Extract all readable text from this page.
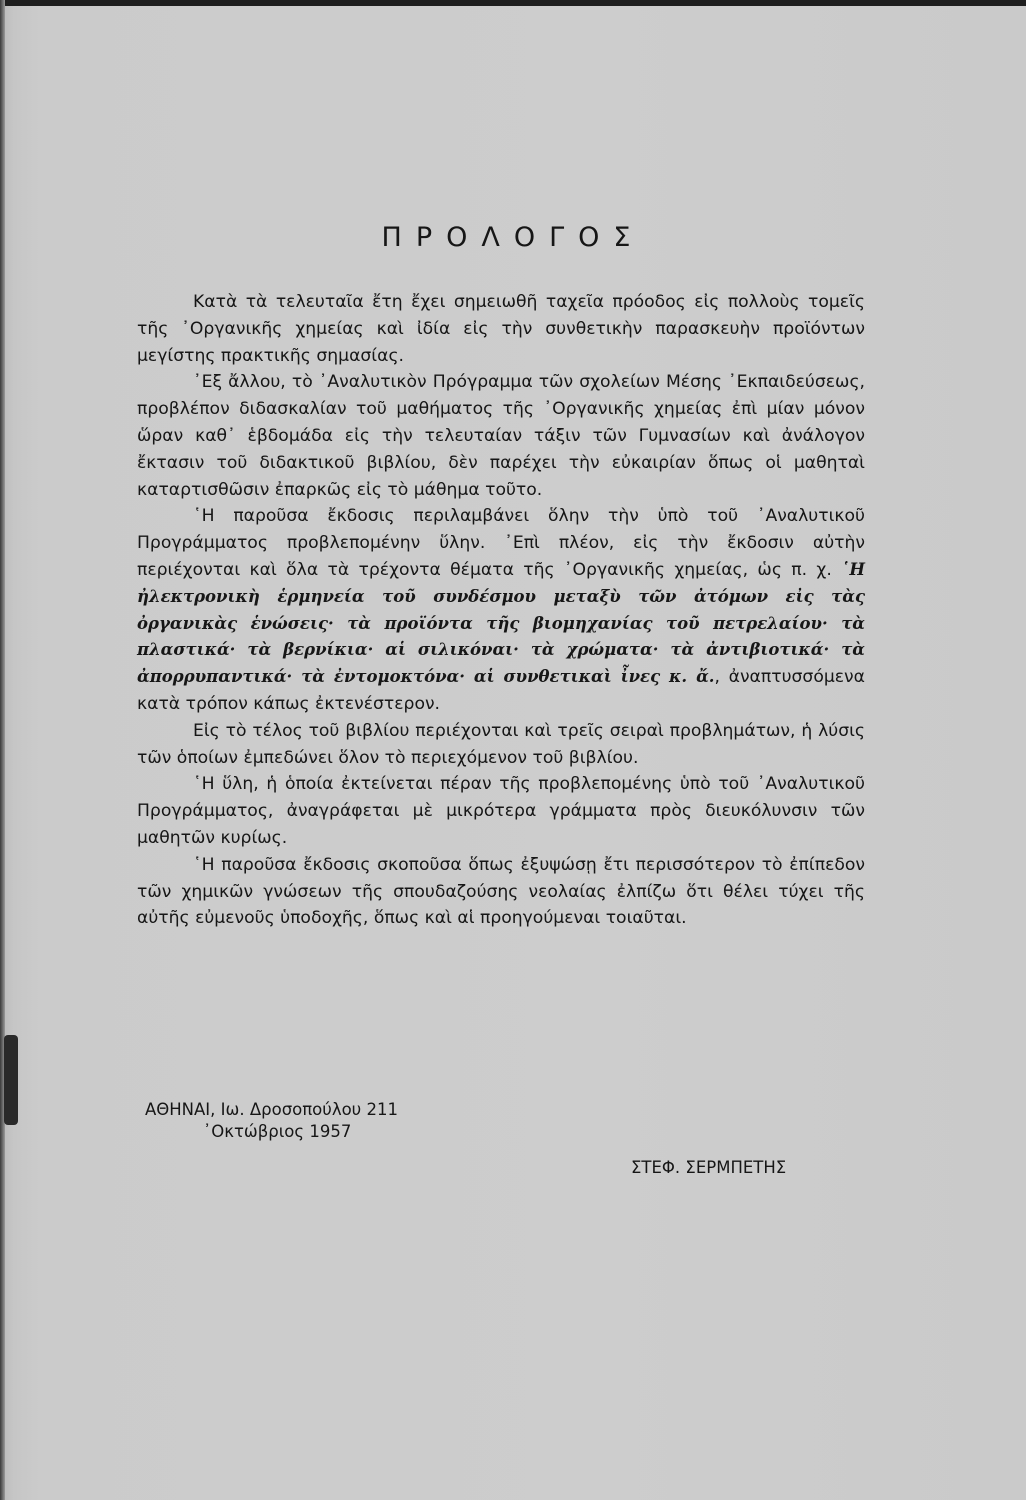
ΠΡΟΛΟΓΟΣ

Κατὰ τὰ τελευταῖα ἔτη ἔχει σημειωθῆ ταχεῖα πρόοδος εἰς πολλοὺς τομεῖς τῆς ᾿Οργανικῆς χημείας καὶ ἰδία εἰς τὴν συνθετικὴν παρασκευὴν προϊόντων μεγίστης πρακτικῆς σημασίας.

᾿Εξ ἄλλου, τὸ ᾿Αναλυτικὸν Πρόγραμμα τῶν σχολείων Μέσης ᾿Εκπαιδεύσεως, προβλέπον διδασκαλίαν τοῦ μαθήματος τῆς ᾿Οργανικῆς χημείας ἐπὶ μίαν μόνον ὥραν καθ᾿ ἑβδομάδα εἰς τὴν τελευταίαν τάξιν τῶν Γυμνασίων καὶ ἀνάλογον ἔκτασιν τοῦ διδακτικοῦ βιβλίου, δὲν παρέχει τὴν εὐκαιρίαν ὅπως οἱ μαθηταὶ καταρτισθῶσιν ἐπαρκῶς εἰς τὸ μάθημα τοῦτο.

῾Η παροῦσα ἔκδοσις περιλαμβάνει ὅλην τὴν ὑπὸ τοῦ ᾿Αναλυτικοῦ Προγράμματος προβλεπομένην ὕλην. ᾿Επὶ πλέον, εἰς τὴν ἔκδοσιν αὐτὴν περιέχονται καὶ ὅλα τὰ τρέχοντα θέματα τῆς ᾿Οργανικῆς χημείας, ὡς π. χ. ῾Η ἠλεκτρονικὴ ἑρμηνεία τοῦ συνδέσμου μεταξὺ τῶν ἀτόμων εἰς τὰς ὀργανικὰς ἑνώσεις· τὰ προϊόντα τῆς βιομηχανίας τοῦ πετρελαίου· τὰ πλαστικά· τὰ βερνίκια· αἱ σιλικόναι· τὰ χρώματα· τὰ ἀντιβιοτικά· τὰ ἀπορρυπαντικά· τὰ ἐντομοκτόνα· αἱ συνθετικαὶ ἶνες κ. ἄ., ἀναπτυσσόμενα κατὰ τρόπον κάπως ἐκτενέστερον.

Εἰς τὸ τέλος τοῦ βιβλίου περιέχονται καὶ τρεῖς σειραὶ προβλημάτων, ἡ λύσις τῶν ὁποίων ἐμπεδώνει ὅλον τὸ περιεχόμενον τοῦ βιβλίου.

῾Η ὕλη, ἡ ὁποία ἐκτείνεται πέραν τῆς προβλεπομένης ὑπὸ τοῦ ᾿Αναλυτικοῦ Προγράμματος, ἀναγράφεται μὲ μικρότερα γράμματα πρὸς διευκόλυνσιν τῶν μαθητῶν κυρίως.

῾Η παροῦσα ἔκδοσις σκοποῦσα ὅπως ἐξυψώσῃ ἔτι περισσότερον τὸ ἐπίπεδον τῶν χημικῶν γνώσεων τῆς σπουδαζούσης νεολαίας ἐλπίζω ὅτι θέλει τύχει τῆς αὐτῆς εὐμενοῦς ὑποδοχῆς, ὅπως καὶ αἱ προηγούμεναι τοιαῦται.

ΑΘΗΝΑΙ, Ιω. Δροσοπούλου 211
᾿Οκτώβριος 1957
ΣΤΕΦ. ΣΕΡΜΠΕΤΗΣ
